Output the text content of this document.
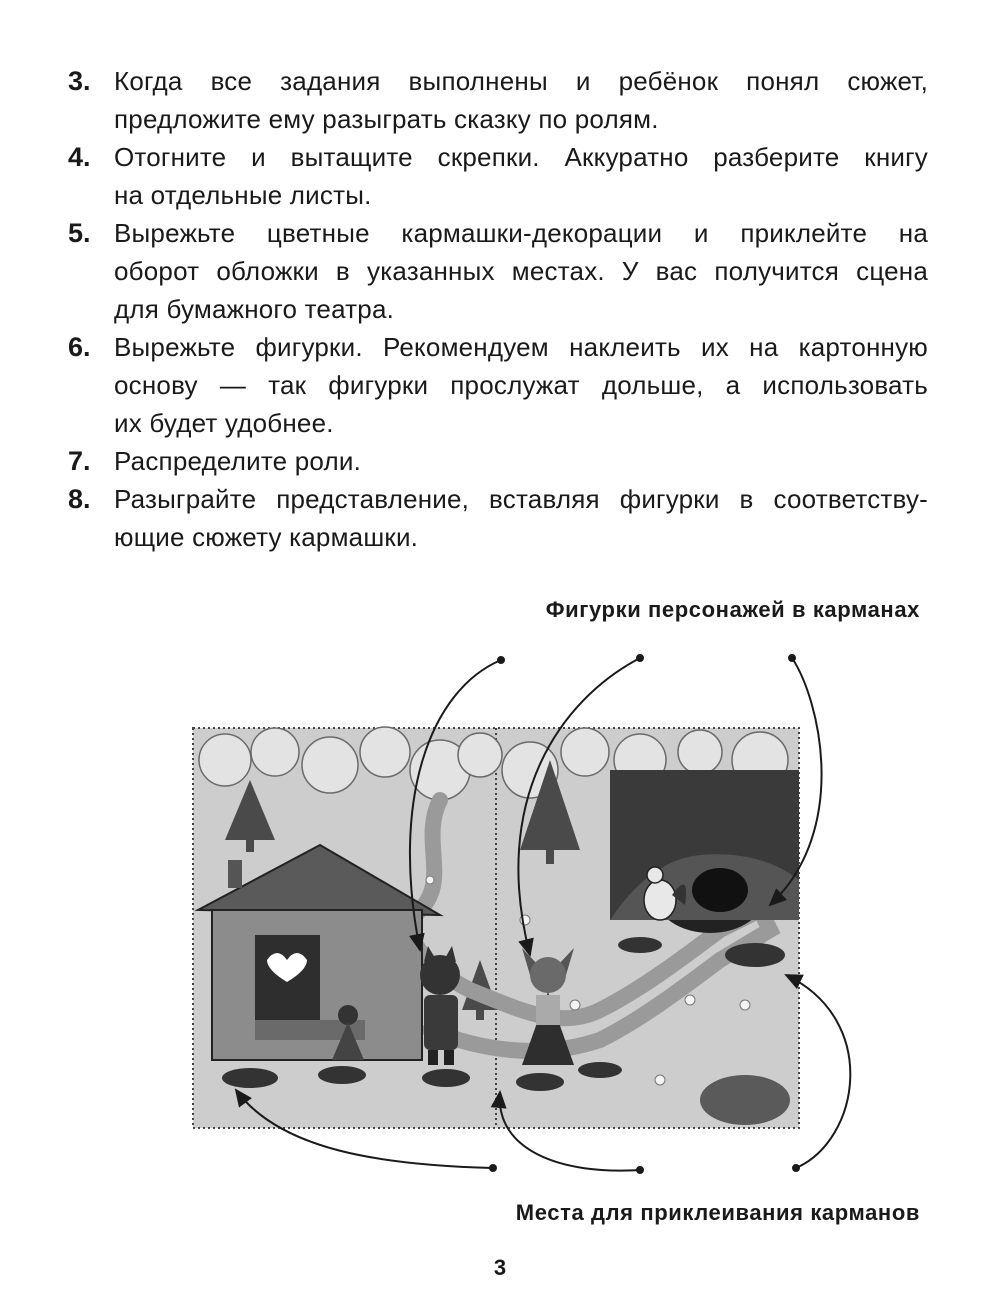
3. Когда все задания выполнены и ребёнок понял сюжет,
предложите ему разыграть сказку по ролям.
4. Отогните и вытащите скрепки. Аккуратно разберите книгу
на отдельные листы.
5. Вырежьте цветные кармашки-декорации и приклейте на
оборот обложки в указанных местах. У вас получится сцена
для бумажного театра.
6. Вырежьте фигурки. Рекомендуем наклеить их на картонную
основу — так фигурки прослужат дольше, а использовать
их будет удобнее.
7. Распределите роли.
8. Разыграйте представление, вставляя фигурки в соответству-
ющие сюжету кармашки.
Фигурки персонажей в карманах
Места для приклеивания карманов
3
